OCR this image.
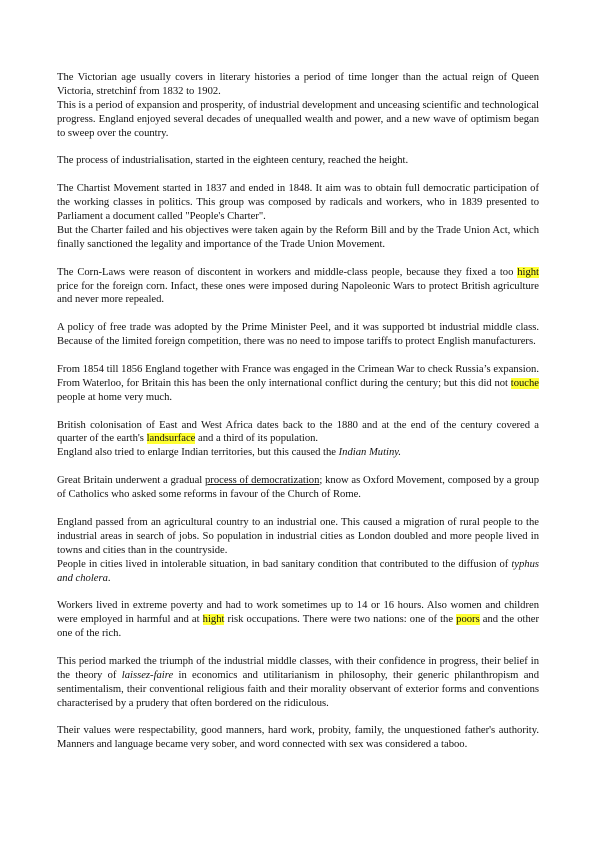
The Victorian age usually covers in literary histories a period of time longer than the actual reign of Queen Victoria, stretchinf from 1832 to 1902.

This is a period of expansion and prosperity, of industrial development and unceasing scientific and technological progress. England enjoyed several decades of unequalled wealth and power, and a new wave of optimism began to sweep over the country.

The process of industrialisation, started in the eighteen century, reached the height.

The Chartist Movement started in 1837 and ended in 1848. It aim was to obtain full democratic participation of the working classes in politics. This group was composed by radicals and workers, who in 1839 presented to Parliament a document called "People's Charter".

But the Charter failed and his objectives were taken again by the Reform Bill and by the Trade Union Act, which finally sanctioned the legality and importance of the Trade Union Movement.

The Corn-Laws were reason of discontent in workers and middle-class people, because they fixed a too hight price for the foreign corn. Infact, these ones were imposed during Napoleonic Wars to protect British agriculture and never more repealed.

A policy of free trade was adopted by the Prime Minister Peel, and it was supported bt industrial middle class. Because of the limited foreign competition, there was no need to impose tariffs to protect English manufacturers.

From 1854 till 1856 England together with France was engaged in the Crimean War to check Russia’s expansion. From Waterloo, for Britain this has been the only international conflict during the century; but this did not touche people at home very much.

British colonisation of East and West Africa dates back to the 1880 and at the end of the century covered a quarter of the earth's landsurface and a third of its population.

England also tried to enlarge Indian territories, but this caused the Indian Mutiny.

Great Britain underwent a gradual process of democratization; know as Oxford Movement, composed by a group of Catholics who asked some reforms in favour of the Church of Rome.

England passed from an agricultural country to an industrial one. This caused a migration of rural people to the industrial areas in search of jobs. So population in industrial cities as London doubled and more people lived in towns and cities than in the countryside.

People in cities lived in intolerable situation, in bad sanitary condition that contributed to the diffusion of typhus and cholera.

Workers lived in extreme poverty and had to work sometimes up to 14 or 16 hours. Also women and children were employed in harmful and at hight risk occupations. There were two nations: one of the poors and the other one of the rich.

This period marked the triumph of the industrial middle classes, with their confidence in progress, their belief in the theory of laissez-faire in economics and utilitarianism in philosophy, their generic philanthropism and sentimentalism, their conventional religious faith and their morality observant of exterior forms and conventions characterised by a prudery that often bordered on the ridiculous.

Their values were respectability, good manners, hard work, probity, family, the unquestioned father's authority. Manners and language became very sober, and word connected with sex was considered a taboo.
